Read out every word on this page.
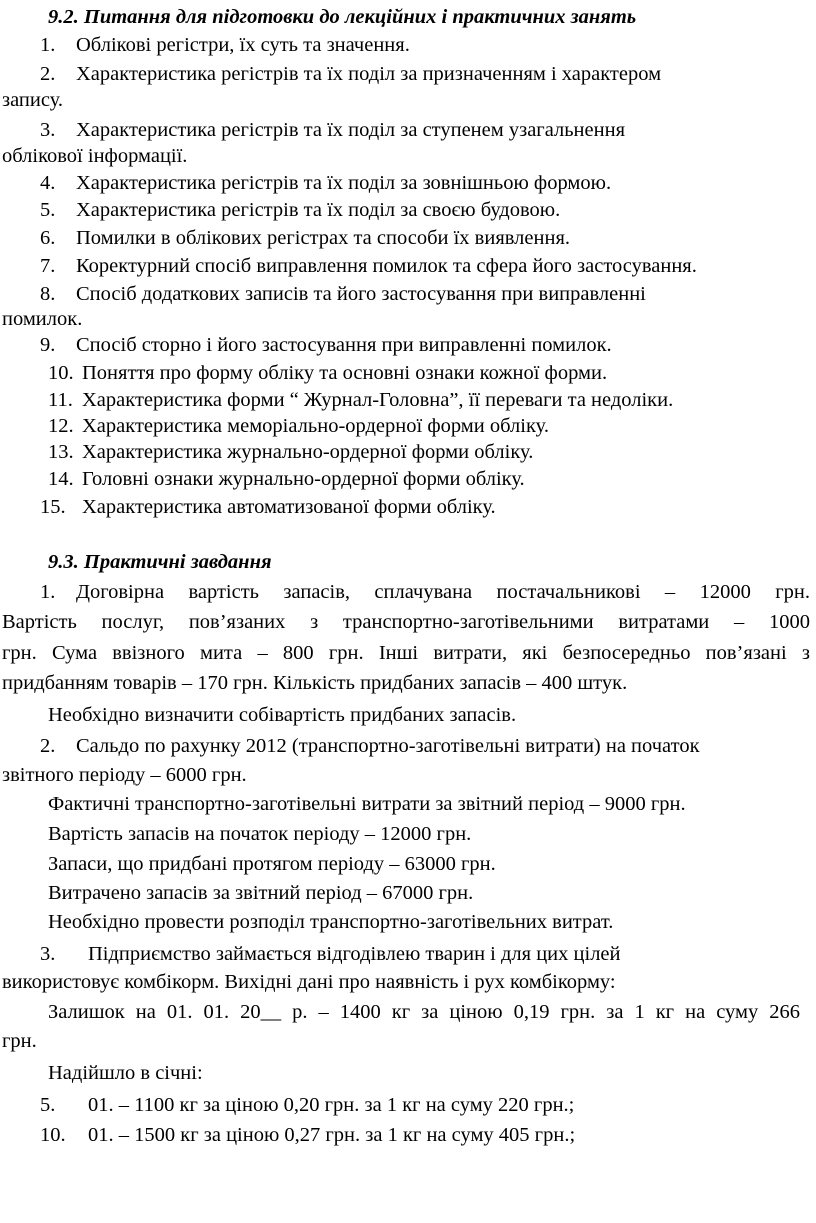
9.2. Питання для підготовки до лекційних і практичних занять
1. Облікові регістри, їх суть та значення.
2. Характеристика регістрів та їх поділ за призначенням і характером
запису.
3. Характеристика регістрів та їх поділ за ступенем узагальнення
облікової інформації.
4. Характеристика регістрів та їх поділ за зовнішньою формою.
5. Характеристика регістрів та їх поділ за своєю будовою.
6. Помилки в облікових регістрах та способи їх виявлення.
7. Коректурний спосіб виправлення помилок та сфера його застосування.
8. Спосіб додаткових записів та його застосування при виправленні
помилок.
9. Спосіб сторно і його застосування при виправленні помилок.
10. Поняття про форму обліку та основні ознаки кожної форми.
11. Характеристика форми “ Журнал-Головна”, її переваги та недоліки.
12. Характеристика меморіально-ордерної форми обліку.
13. Характеристика журнально-ордерної форми обліку.
14. Головні ознаки журнально-ордерної форми обліку.
15. Характеристика автоматизованої форми обліку.
9.3. Практичні завдання
1. Договірна вартість запасів, сплачувана постачальникові – 12000 грн.
Вартість послуг, пов’язаних з транспортно-заготівельними витратами – 1000
грн. Сума ввізного мита – 800 грн. Інші витрати, які безпосередньо пов’язані з
придбанням товарів – 170 грн. Кількість придбаних запасів – 400 штук.
Необхідно визначити собівартість придбаних запасів.
2. Сальдо по рахунку 2012 (транспортно-заготівельні витрати) на початок
звітного періоду – 6000 грн.
Фактичні транспортно-заготівельні витрати за звітний період – 9000 грн.
Вартість запасів на початок періоду – 12000 грн.
Запаси, що придбані протягом періоду – 63000 грн.
Витрачено запасів за звітний період – 67000 грн.
Необхідно провести розподіл транспортно-заготівельних витрат.
3. Підприємство займається відгодівлею тварин і для цих цілей
використовує комбікорм. Вихідні дані про наявність і рух комбікорму:
Залишок на 01. 01. 20__ р. – 1400 кг за ціною 0,19 грн. за 1 кг на суму 266
грн.
Надійшло в січні:
5. 01. – 1100 кг за ціною 0,20 грн. за 1 кг на суму 220 грн.;
10. 01. – 1500 кг за ціною 0,27 грн. за 1 кг на суму 405 грн.;
